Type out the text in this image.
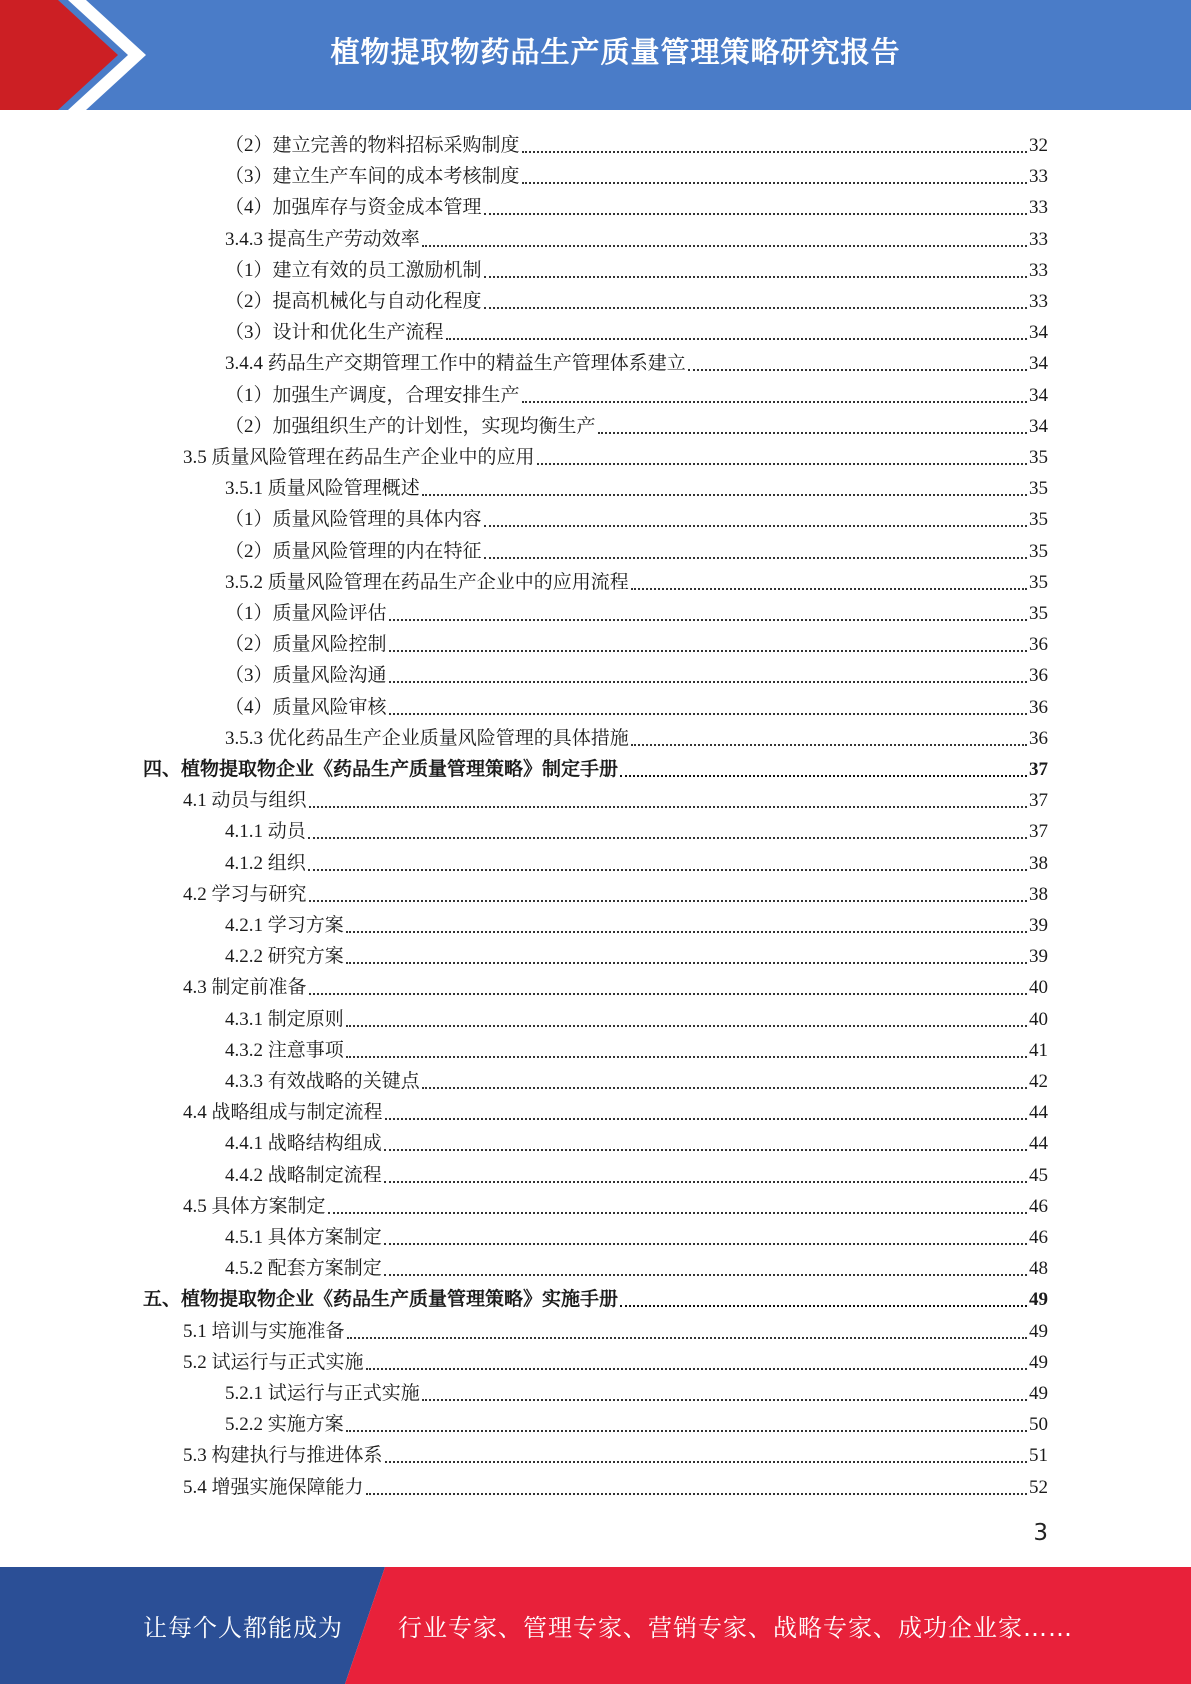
植物提取物药品生产质量管理策略研究报告
（2）建立完善的物料招标采购制度	32
（3）建立生产车间的成本考核制度	33
（4）加强库存与资金成本管理	33
3.4.3 提高生产劳动效率	33
（1）建立有效的员工激励机制	33
（2）提高机械化与自动化程度	33
（3）设计和优化生产流程	34
3.4.4 药品生产交期管理工作中的精益生产管理体系建立	34
（1）加强生产调度，合理安排生产	34
（2）加强组织生产的计划性，实现均衡生产	34
3.5 质量风险管理在药品生产企业中的应用	35
3.5.1 质量风险管理概述	35
（1）质量风险管理的具体内容	35
（2）质量风险管理的内在特征	35
3.5.2 质量风险管理在药品生产企业中的应用流程	35
（1）质量风险评估	35
（2）质量风险控制	36
（3）质量风险沟通	36
（4）质量风险审核	36
3.5.3 优化药品生产企业质量风险管理的具体措施	36
四、植物提取物企业《药品生产质量管理策略》制定手册	37
4.1 动员与组织	37
4.1.1 动员	37
4.1.2 组织	38
4.2 学习与研究	38
4.2.1 学习方案	39
4.2.2 研究方案	39
4.3 制定前准备	40
4.3.1 制定原则	40
4.3.2 注意事项	41
4.3.3 有效战略的关键点	42
4.4 战略组成与制定流程	44
4.4.1 战略结构组成	44
4.4.2 战略制定流程	45
4.5 具体方案制定	46
4.5.1 具体方案制定	46
4.5.2 配套方案制定	48
五、植物提取物企业《药品生产质量管理策略》实施手册	49
5.1 培训与实施准备	49
5.2 试运行与正式实施	49
5.2.1 试运行与正式实施	49
5.2.2 实施方案	50
5.3 构建执行与推进体系	51
5.4 增强实施保障能力	52
3
让每个人都能成为 行业专家、管理专家、营销专家、战略专家、成功企业家……
